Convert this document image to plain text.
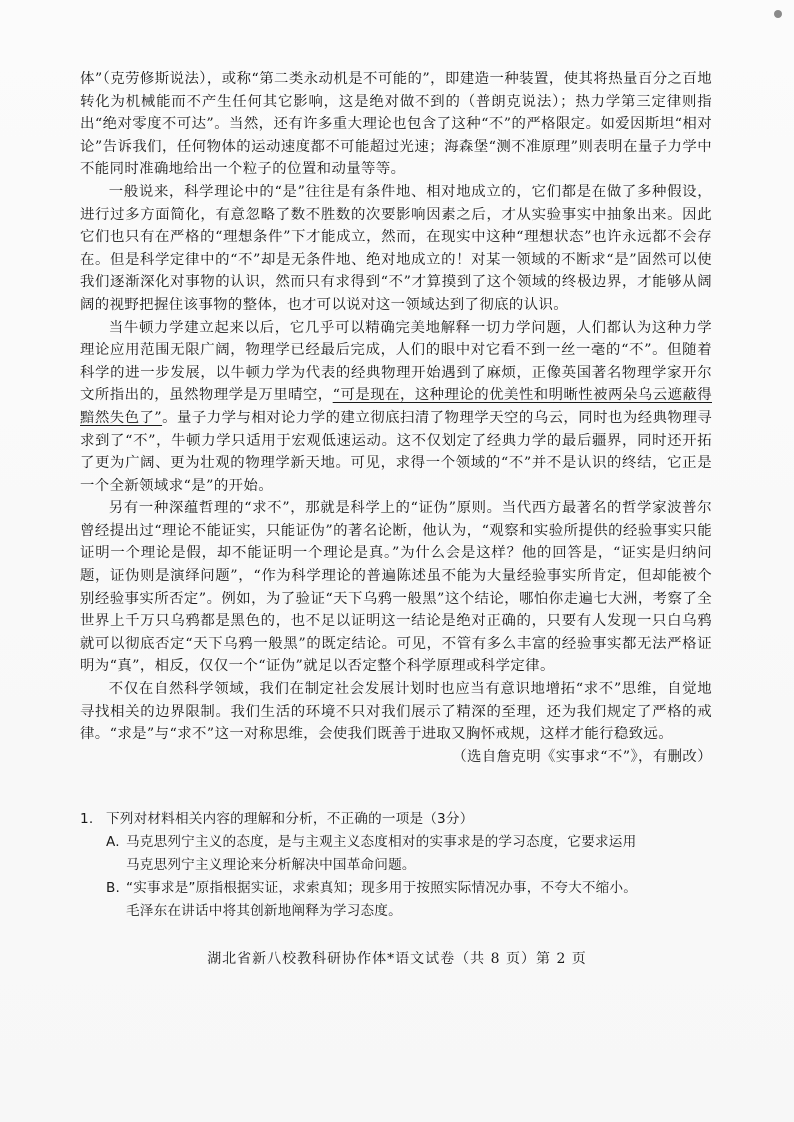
体”（克劳修斯说法），或称“第二类永动机是不可能的”，即建造一种装置，使其将热量百分之百地转化为机械能而不产生任何其它影响，这是绝对做不到的（普朗克说法）；热力学第三定律则指出“绝对零度不可达”。当然，还有许多重大理论也包含了这种“不”的严格限定。如爱因斯坦“相对论”告诉我们，任何物体的运动速度都不可能超过光速；海森堡“测不准原理”则表明在量子力学中不能同时准确地给出一个粒子的位置和动量等等。

一般说来，科学理论中的“是”往往是有条件地、相对地成立的，它们都是在做了多种假设，进行过多方面简化，有意忽略了数不胜数的次要影响因素之后，才从实验事实中抽象出来。因此它们也只有在严格的“理想条件”下才能成立，然而，在现实中这种“理想状态”也许永远都不会存在。但是科学定律中的“不”却是无条件地、绝对地成立的！对某一领域的不断求“是”固然可以使我们逐渐深化对事物的认识，然而只有求得到“不”才算摸到了这个领域的终极边界，才能够从阔阔的视野把握住该事物的整体，也才可以说对这一领域达到了彻底的认识。

当牛顿力学建立起来以后，它几乎可以精确完美地解释一切力学问题，人们都认为这种力学理论应用范围无限广阔，物理学已经最后完成，人们的眼中对它看不到一丝一毫的“不”。但随着科学的进一步发展，以牛顿力学为代表的经典物理开始遇到了麻烦，正像英国著名物理学家开尔文所指出的，虽然物理学是万里晴空，“可是现在，这种理论的优美性和明晰性被两朵乌云遮蔽得黯然失色了”。量子力学与相对论力学的建立彻底扫清了物理学天空的乌云，同时也为经典物理寻求到了“不”，牛顿力学只适用于宏观低速运动。这不仅划定了经典力学的最后疆界，同时还开拓了更为广阔、更为壮观的物理学新天地。可见，求得一个领域的“不”并不是认识的终结，它正是一个全新领域求“是”的开始。

另有一种深蕴哲理的“求不”，那就是科学上的“证伪”原则。当代西方最著名的哲学家波普尔曾经提出过“理论不能证实，只能证伪”的著名论断，他认为，“观察和实验所提供的经验事实只能证明一个理论是假，却不能证明一个理论是真。”为什么会是这样？他的回答是，“证实是归纳问题，证伪则是演绎问题”，“作为科学理论的普遍陈述虽不能为大量经验事实所肯定，但却能被个别经验事实所否定”。例如，为了验证“天下乌鸦一般黑”这个结论，哪怕你走遍七大洲，考察了全世界上千万只乌鸦都是黑色的，也不足以证明这一结论是绝对正确的，只要有人发现一只白乌鸦就可以彻底否定“天下乌鸦一般黑”的既定结论。可见，不管有多么丰富的经验事实都无法严格证明为“真”，相反，仅仅一个“证伪”就足以否定整个科学原理或科学定律。

不仅在自然科学领域，我们在制定社会发展计划时也应当有意识地增拓“求不”思维，自觉地寻找相关的边界限制。我们生活的环境不只对我们展示了精深的至理，还为我们规定了严格的戒律。“求是”与“求不”这一对称思维，会使我们既善于进取又胸怀戒规，这样才能行稳致远。

（选自詹克明《实事求“不”》，有删改）

1. 下列对材料相关内容的理解和分析，不正确的一项是（3分）
A. 马克思列宁主义的态度，是与主观主义态度相对的实事求是的学习态度，它要求运用
马克思列宁主义理论来分析解决中国革命问题。
B. “实事求是”原指根据实证，求索真知；现多用于按照实际情况办事，不夸大不缩小。
毛泽东在讲话中将其创新地阐释为学习态度。
湖北省新八校教科研协作体*语文试卷（共 8 页）第 2 页
